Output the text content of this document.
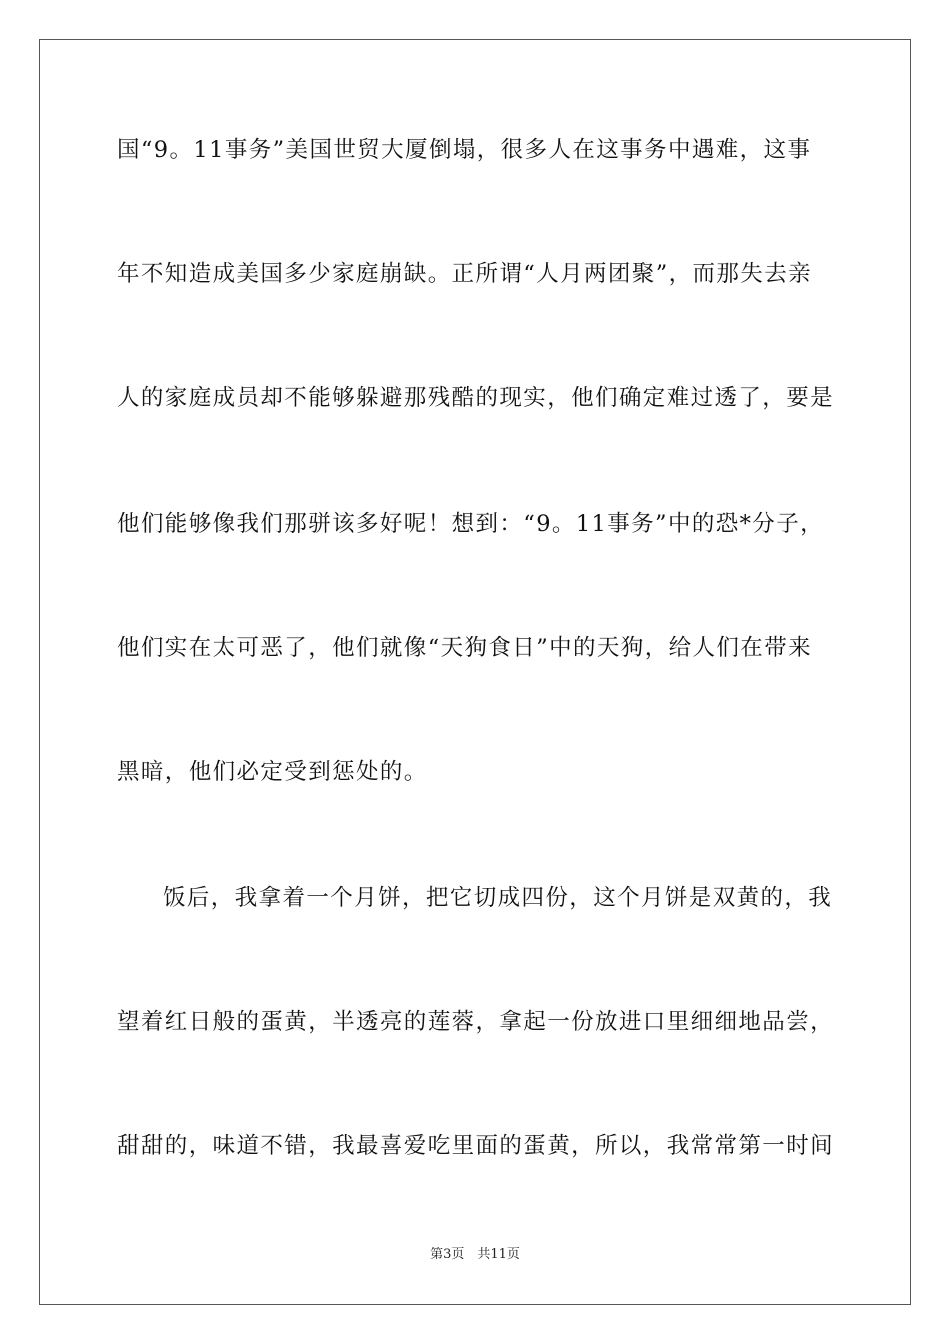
国“9。11事务”美国世贸大厦倒塌，很多人在这事务中遇难，这事
年不知造成美国多少家庭崩缺。正所谓“人月两团聚”，而那失去亲
人的家庭成员却不能够躲避那残酷的现实，他们确定难过透了，要是
他们能够像我们那骈该多好呢！想到：“9。11事务”中的恐*分子，
他们实在太可恶了，他们就像“天狗食日”中的天狗，给人们在带来
黑暗，他们必定受到惩处的。
饭后，我拿着一个月饼，把它切成四份，这个月饼是双黄的，我
望着红日般的蛋黄，半透亮的莲蓉，拿起一份放进口里细细地品尝，
甜甜的，味道不错，我最喜爱吃里面的蛋黄，所以，我常常第一时间
第3页　共11页
